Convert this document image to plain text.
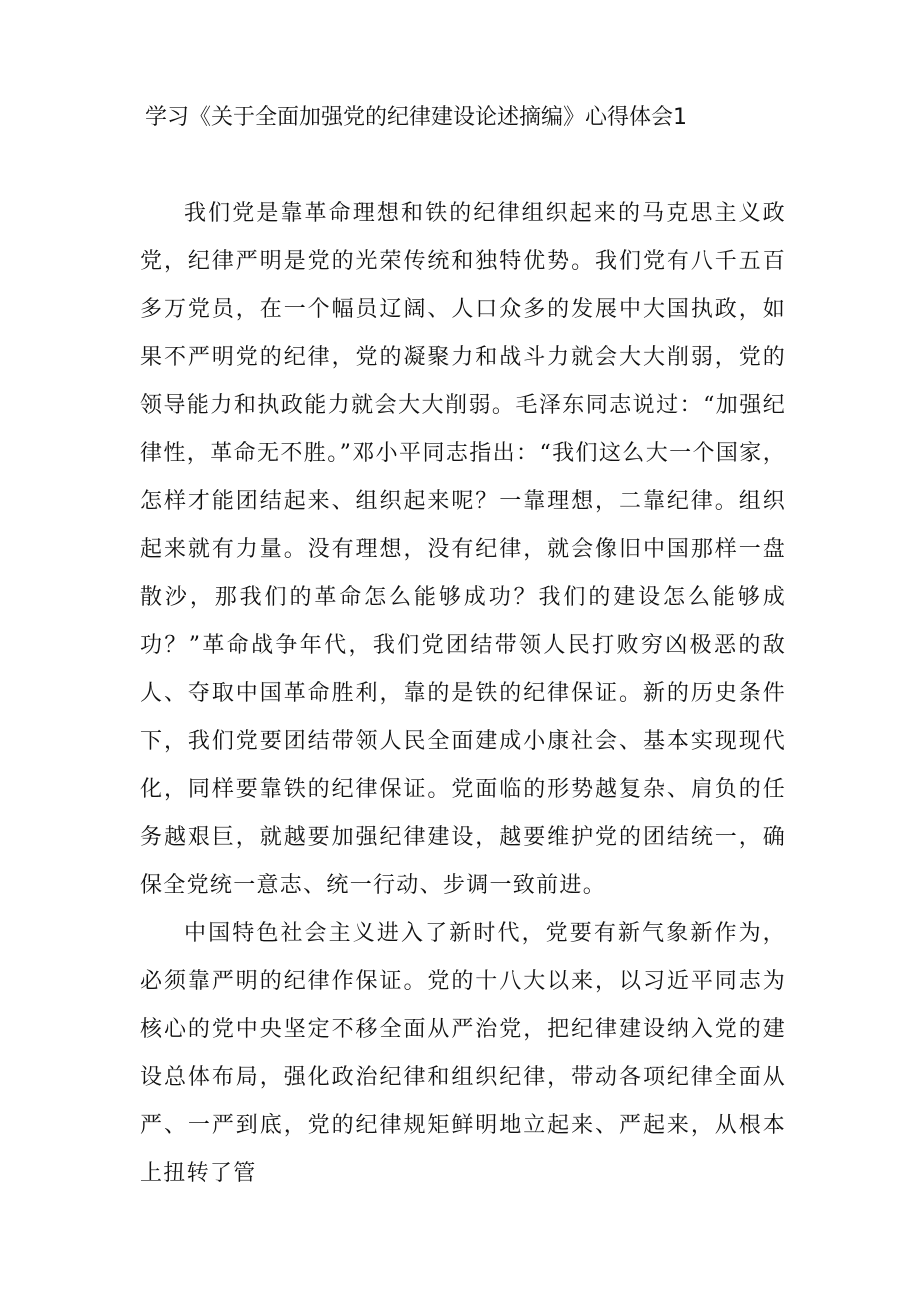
学习《关于全面加强党的纪律建设论述摘编》心得体会1

我们党是靠革命理想和铁的纪律组织起来的马克思主义政党，纪律严明是党的光荣传统和独特优势。我们党有八千五百多万党员，在一个幅员辽阔、人口众多的发展中大国执政，如果不严明党的纪律，党的凝聚力和战斗力就会大大削弱，党的领导能力和执政能力就会大大削弱。毛泽东同志说过：“加强纪律性，革命无不胜。”邓小平同志指出：“我们这么大一个国家，怎样才能团结起来、组织起来呢？一靠理想，二靠纪律。组织起来就有力量。没有理想，没有纪律，就会像旧中国那样一盘散沙，那我们的革命怎么能够成功？我们的建设怎么能够成功？”革命战争年代，我们党团结带领人民打败穷凶极恶的敌人、夺取中国革命胜利，靠的是铁的纪律保证。新的历史条件下，我们党要团结带领人民全面建成小康社会、基本实现现代化，同样要靠铁的纪律保证。党面临的形势越复杂、肩负的任务越艰巨，就越要加强纪律建设，越要维护党的团结统一，确保全党统一意志、统一行动、步调一致前进。

中国特色社会主义进入了新时代，党要有新气象新作为，必须靠严明的纪律作保证。党的十八大以来，以习近平同志为核心的党中央坚定不移全面从严治党，把纪律建设纳入党的建设总体布局，强化政治纪律和组织纪律，带动各项纪律全面从严、一严到底，党的纪律规矩鲜明地立起来、严起来，从根本上扭转了管
